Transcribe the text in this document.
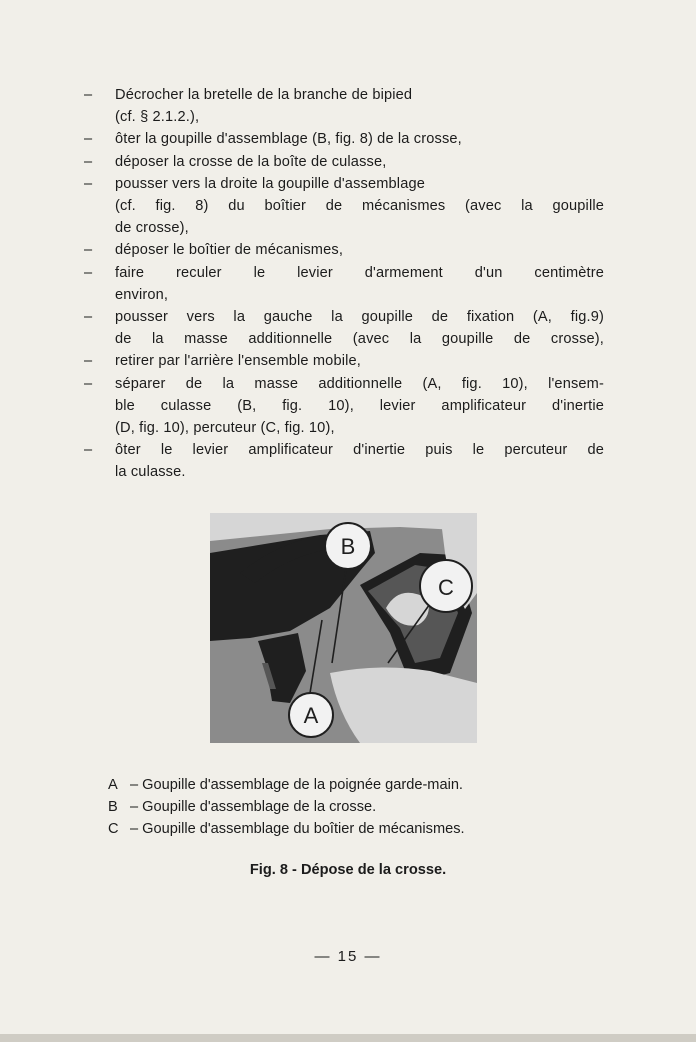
– Décrocher la bretelle de la branche de bipied
(cf. § 2.1.2.),
– ôter la goupille d'assemblage (B, fig. 8) de la crosse,
– déposer la crosse de la boîte de culasse,
– pousser vers la droite la goupille d'assemblage
(cf. fig. 8) du boîtier de mécanismes (avec la goupille
de crosse),
– déposer le boîtier de mécanismes,
– faire reculer le levier d'armement d'un centimètre
environ,
– pousser vers la gauche la goupille de fixation (A, fig.9)
de la masse additionnelle (avec la goupille de crosse),
– retirer par l'arrière l'ensemble mobile,
– séparer de la masse additionnelle (A, fig. 10), l'ensem-
ble culasse (B, fig. 10), levier amplificateur d'inertie
(D, fig. 10), percuteur (C, fig. 10),
– ôter le levier amplificateur d'inertie puis le percuteur de
la culasse.
B
C
A
A – Goupille d'assemblage de la poignée garde-main.
B – Goupille d'assemblage de la crosse.
C – Goupille d'assemblage du boîtier de mécanismes.
Fig. 8 - Dépose de la crosse.
— 15 —
